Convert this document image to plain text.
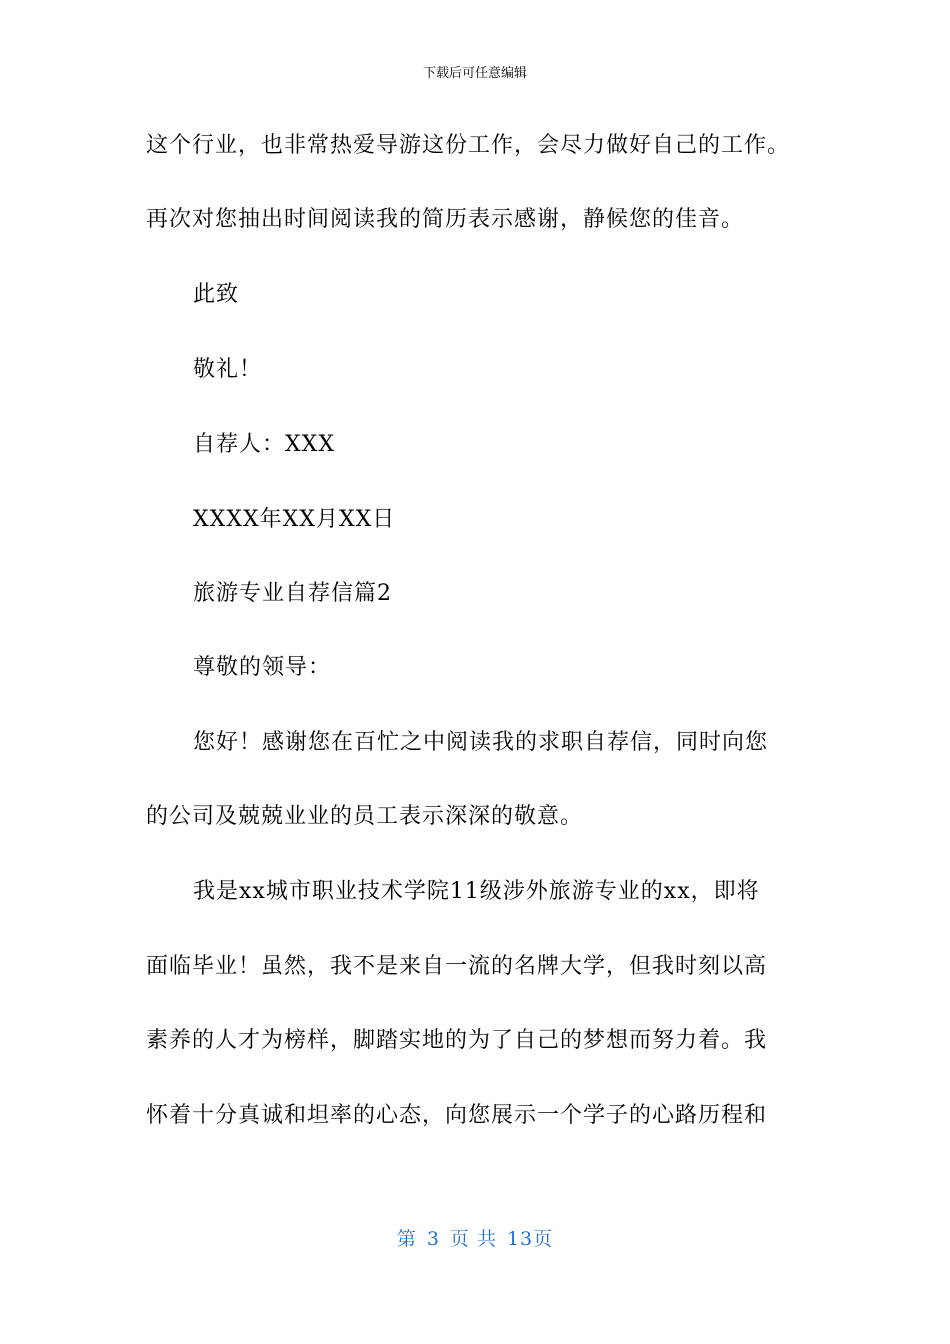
下载后可任意编辑
这个行业，也非常热爱导游这份工作，会尽力做好自己的工作。
再次对您抽出时间阅读我的简历表示感谢，静候您的佳音。
此致
敬礼！
自荐人：XXX
XXXX年XX月XX日
旅游专业自荐信篇2
尊敬的领导：
您好！感谢您在百忙之中阅读我的求职自荐信，同时向您
的公司及兢兢业业的员工表示深深的敬意。
我是xx城市职业技术学院11级涉外旅游专业的xx，即将
面临毕业！虽然，我不是来自一流的名牌大学，但我时刻以高
素养的人才为榜样，脚踏实地的为了自己的梦想而努力着。我
怀着十分真诚和坦率的心态，向您展示一个学子的心路历程和
第 3 页 共 13页
